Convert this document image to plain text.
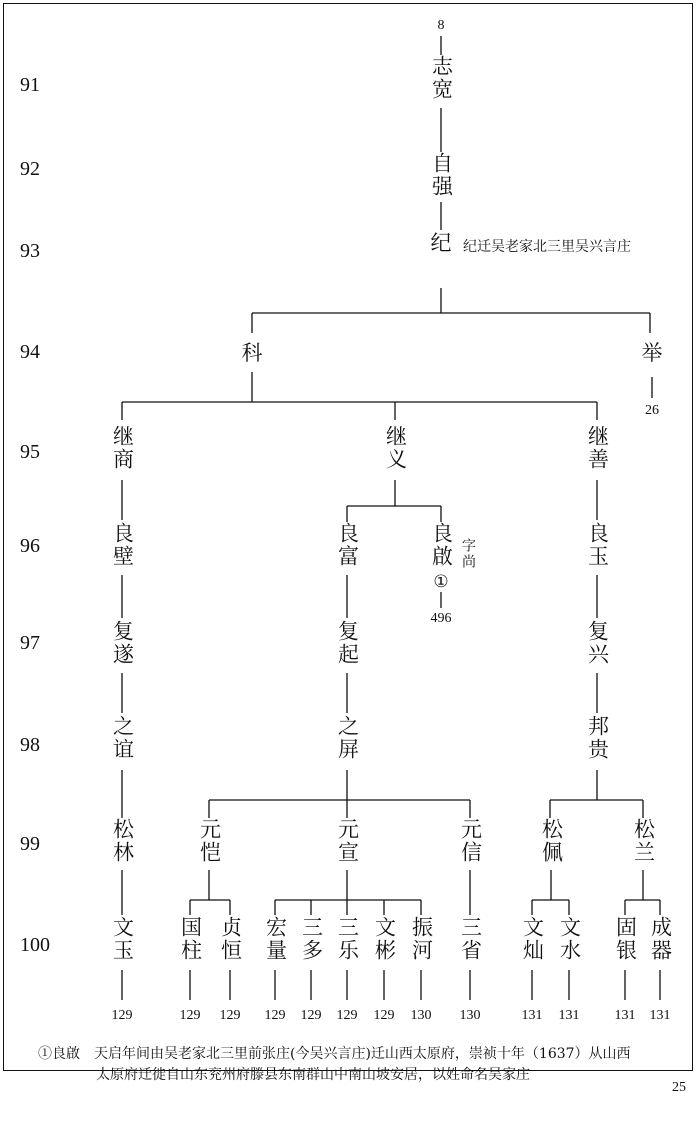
91
92
93
94
95
96
97
98
99
100
8
志宽
自强
纪 纪迁吴老家北三里吴兴言庄
科	举
26
继商	继义	继善
良壁	良富	良啟 字尚
①
496
良玉
复遂	复起	复兴
之谊	之屏	邦贵
松林	元恺	元宣	元信	松佩	松兰
文玉 国柱 贞恒 宏量 三多 三乐 文彬 振河 三省 文灿 文水 固银 成器
129	129 129 129 129 129 129 130 130	131 131	131 131
①良啟　天启年间由吴老家北三里前张庄(今吴兴言庄)迁山西太原府，崇祯十年（1637）从山西
太原府迁徙自山东兖州府滕县东南群山中南山坡安居，以姓命名吴家庄
25
